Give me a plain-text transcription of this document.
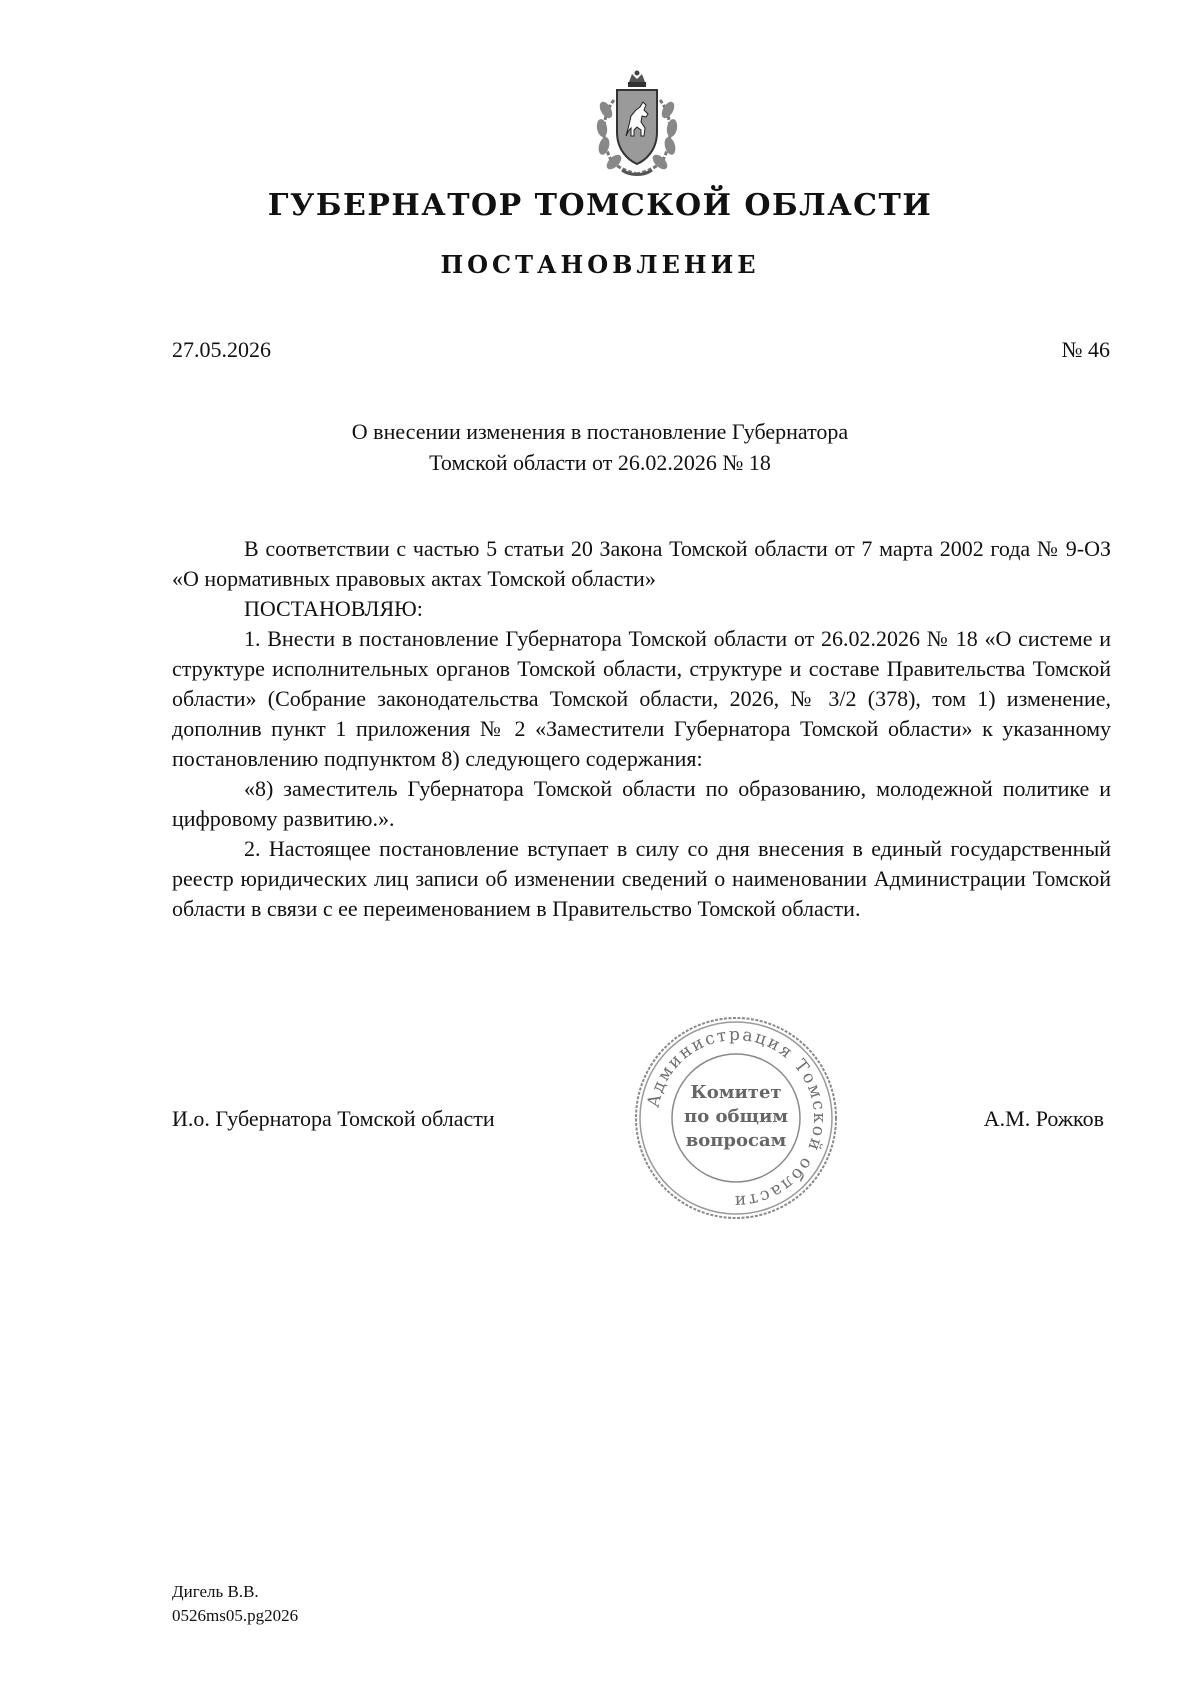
ГУБЕРНАТОР ТОМСКОЙ ОБЛАСТИ
ПОСТАНОВЛЕНИЕ
27.05.2026	№ 46
О внесении изменения в постановление Губернатора
Томской области от 26.02.2026 № 18

В соответствии с частью 5 статьи 20 Закона Томской области от 7 марта 2002 года № 9-ОЗ «О нормативных правовых актах Томской области»

ПОСТАНОВЛЯЮ:

1. Внести в постановление Губернатора Томской области от 26.02.2026 № 18 «О системе и структуре исполнительных органов Томской области, структуре и составе Правительства Томской области» (Собрание законодательства Томской области, 2026, № 3/2 (378), том 1) изменение, дополнив пункт 1 приложения № 2 «Заместители Губернатора Томской области» к указанному постановлению подпунктом 8) следующего содержания:

«8) заместитель Губернатора Томской области по образованию, молодежной политике и цифровому развитию.».

2. Настоящее постановление вступает в силу со дня внесения в единый государственный реестр юридических лиц записи об изменении сведений о наименовании Администрации Томской области в связи с ее переименованием в Правительство Томской области.

И.о. Губернатора Томской области
Администрация Томской области
Комитет
по общим
вопросам
А.М. Рожков
Дигель В.В.
0526ms05.pg2026
